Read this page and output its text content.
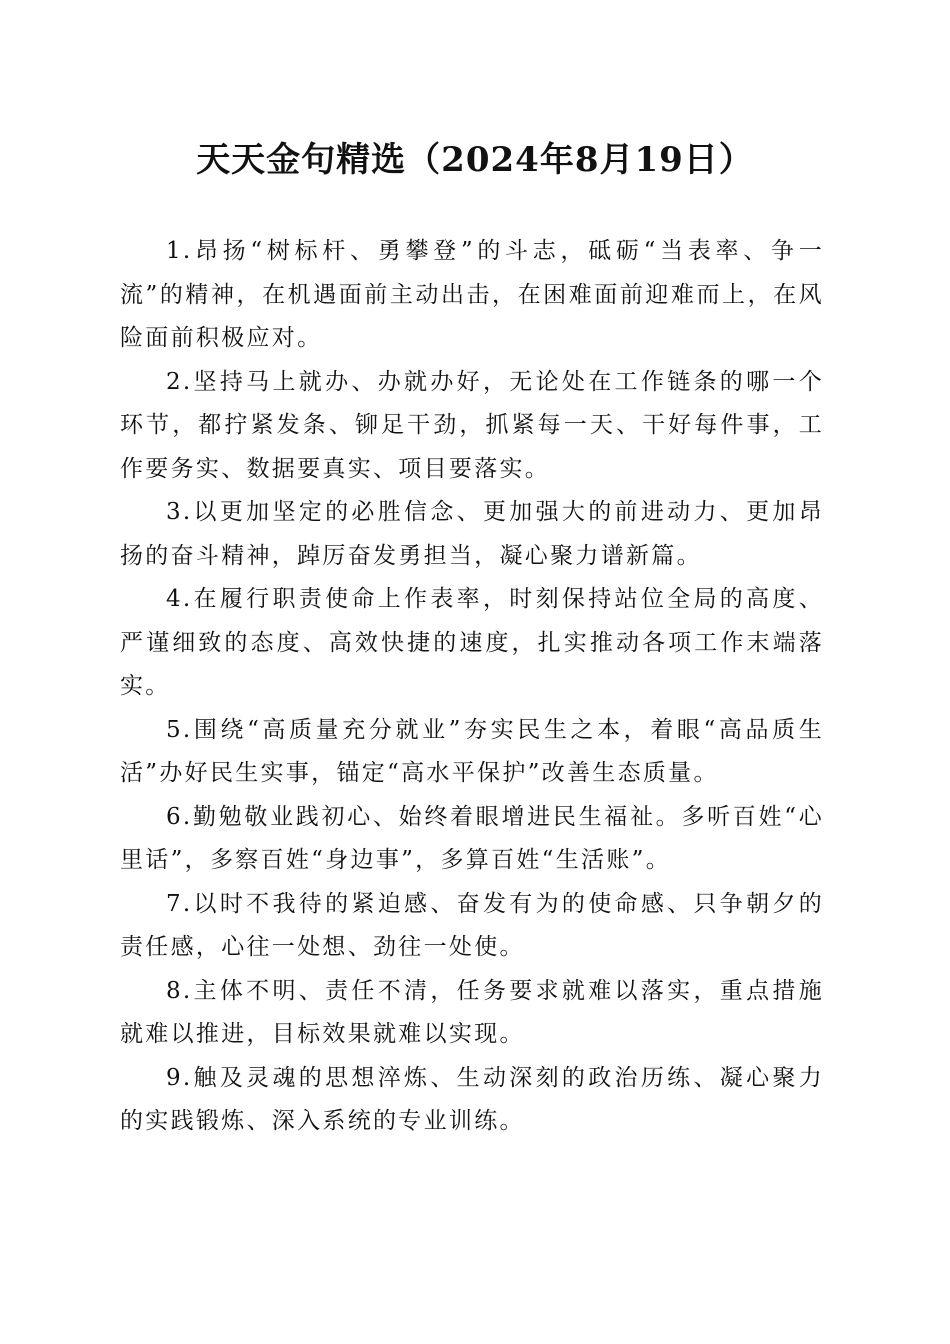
天天金句精选（2024年8月19日）

1.昂扬“树标杆、勇攀登”的斗志，砥砺“当表率、争一流”的精神，在机遇面前主动出击，在困难面前迎难而上，在风险面前积极应对。

2.坚持马上就办、办就办好，无论处在工作链条的哪一个环节，都拧紧发条、铆足干劲，抓紧每一天、干好每件事，工作要务实、数据要真实、项目要落实。

3.以更加坚定的必胜信念、更加强大的前进动力、更加昂扬的奋斗精神，踔厉奋发勇担当，凝心聚力谱新篇。

4.在履行职责使命上作表率，时刻保持站位全局的高度、严谨细致的态度、高效快捷的速度，扎实推动各项工作末端落实。

5.围绕“高质量充分就业”夯实民生之本，着眼“高品质生活”办好民生实事，锚定“高水平保护”改善生态质量。

6.勤勉敬业践初心、始终着眼增进民生福祉。多听百姓“心里话”，多察百姓“身边事”，多算百姓“生活账”。

7.以时不我待的紧迫感、奋发有为的使命感、只争朝夕的责任感，心往一处想、劲往一处使。

8.主体不明、责任不清，任务要求就难以落实，重点措施就难以推进，目标效果就难以实现。

9.触及灵魂的思想淬炼、生动深刻的政治历练、凝心聚力的实践锻炼、深入系统的专业训练。
